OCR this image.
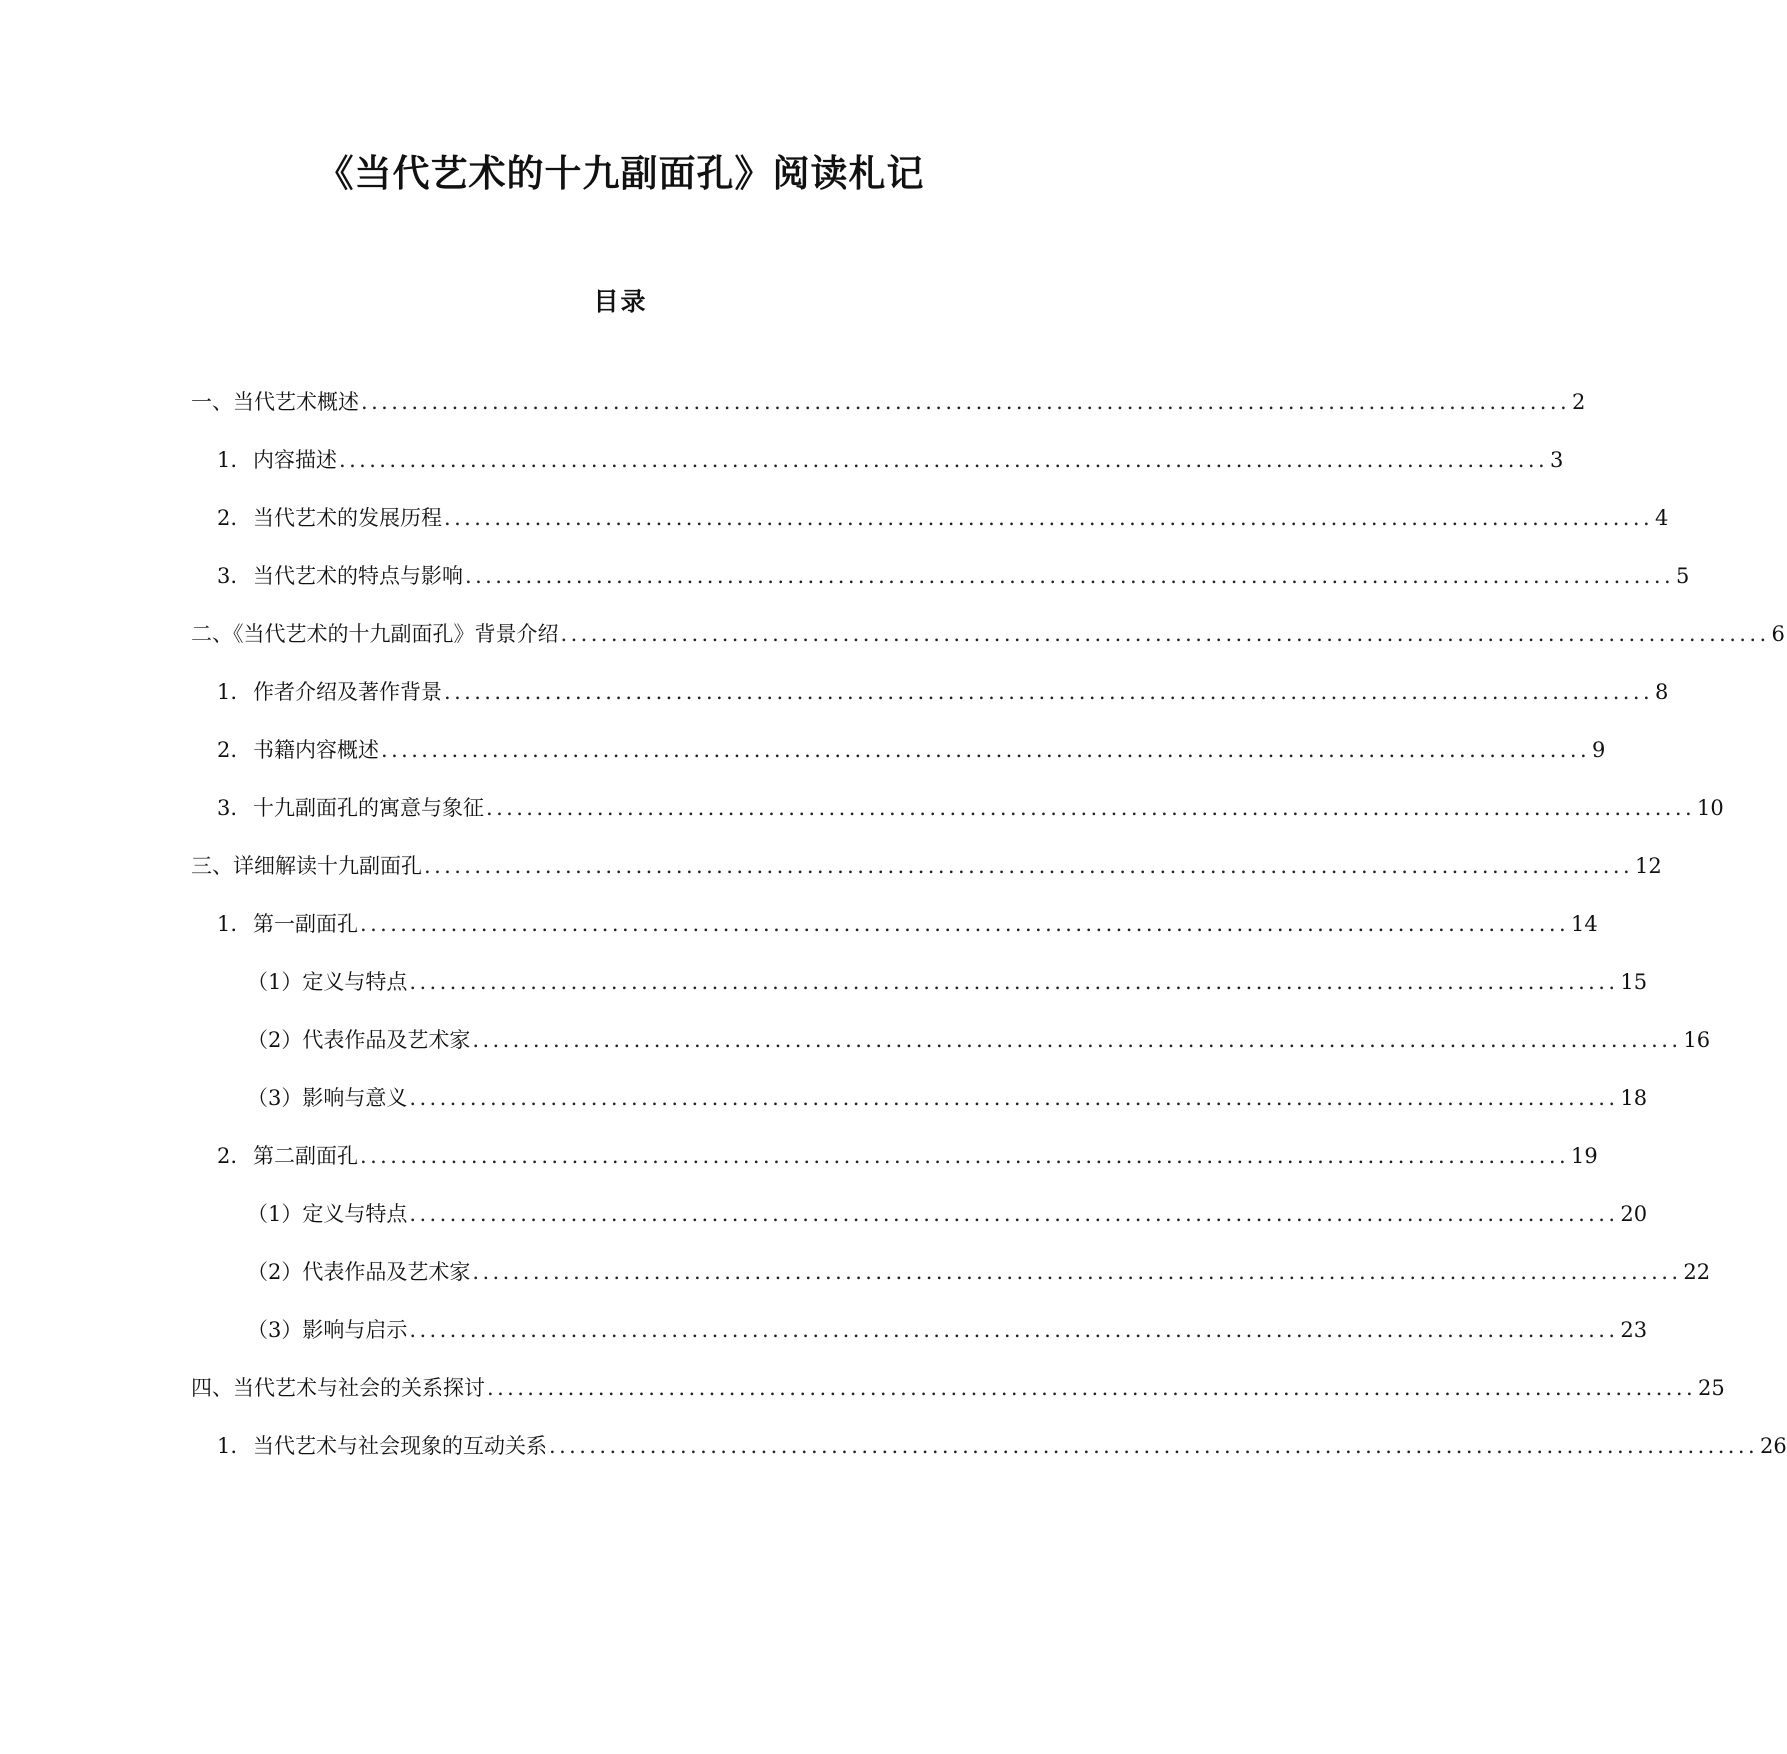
《当代艺术的十九副面孔》阅读札记
目录
一、当代艺术概述 ........................................................................................................................ 2
1. 内容描述 ........................................................................................................................ 3
2. 当代艺术的发展历程 ........................................................................................................................ 4
3. 当代艺术的特点与影响 ........................................................................................................................ 5
二、《当代艺术的十九副面孔》背景介绍 ........................................................................................................................ 6
1. 作者介绍及著作背景 ........................................................................................................................ 8
2. 书籍内容概述 ........................................................................................................................ 9
3. 十九副面孔的寓意与象征 ........................................................................................................................ 10
三、详细解读十九副面孔 ........................................................................................................................ 12
1. 第一副面孔 ........................................................................................................................ 14
（1）定义与特点 ........................................................................................................................ 15
（2）代表作品及艺术家 ........................................................................................................................ 16
（3）影响与意义 ........................................................................................................................ 18
2. 第二副面孔 ........................................................................................................................ 19
（1）定义与特点 ........................................................................................................................ 20
（2）代表作品及艺术家 ........................................................................................................................ 22
（3）影响与启示 ........................................................................................................................ 23
四、当代艺术与社会的关系探讨 ........................................................................................................................ 25
1. 当代艺术与社会现象的互动关系 ........................................................................................................................ 26
